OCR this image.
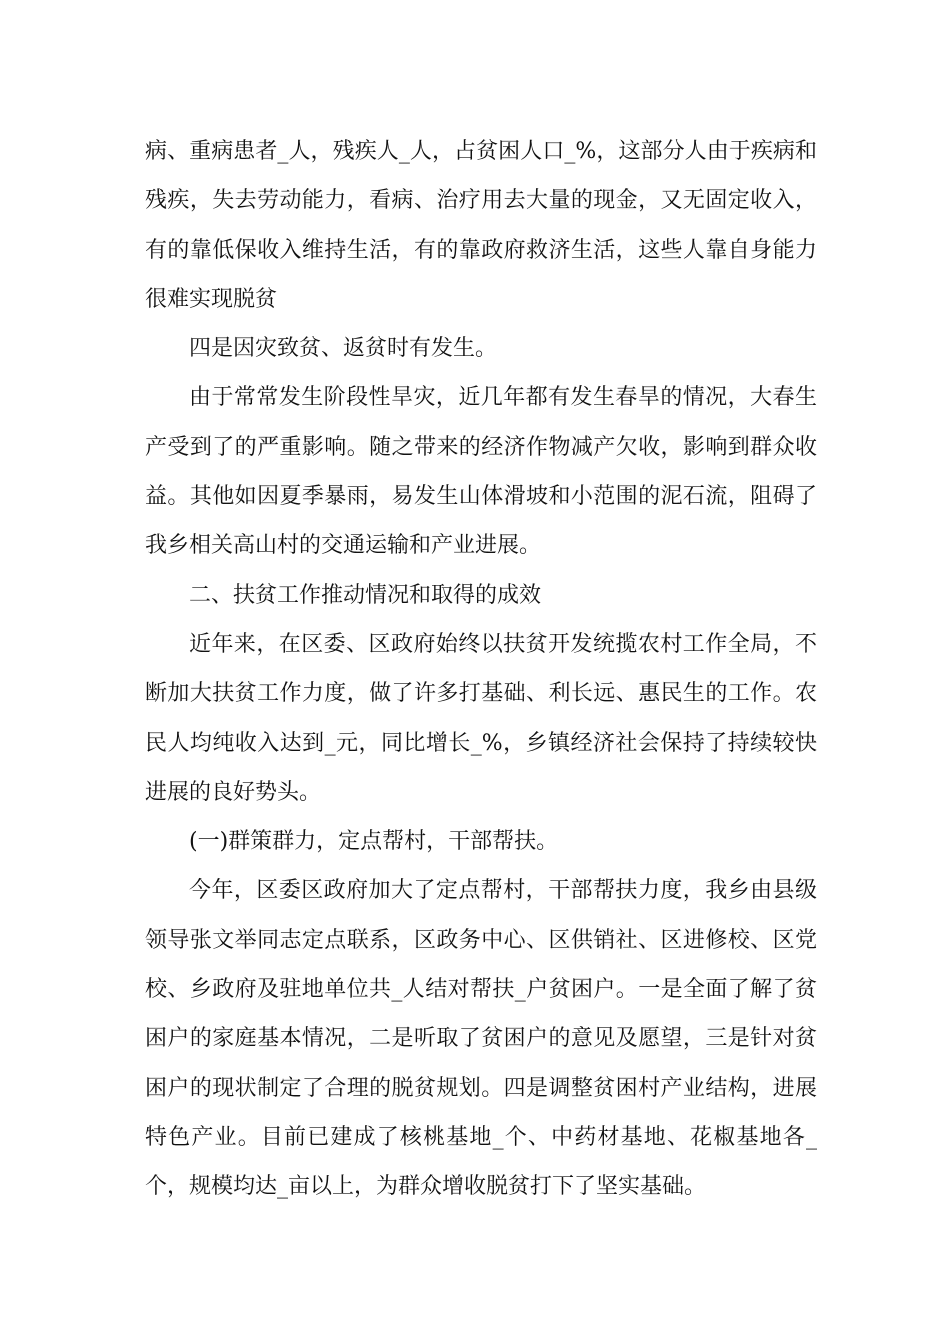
病、重病患者_人，残疾人_人，占贫困人口_%，这部分人由于疾病和残疾，失去劳动能力，看病、治疗用去大量的现金，又无固定收入，有的靠低保收入维持生活，有的靠政府救济生活，这些人靠自身能力很难实现脱贫

四是因灾致贫、返贫时有发生。

由于常常发生阶段性旱灾，近几年都有发生春旱的情况，大春生产受到了的严重影响。随之带来的经济作物减产欠收，影响到群众收益。其他如因夏季暴雨，易发生山体滑坡和小范围的泥石流，阻碍了我乡相关高山村的交通运输和产业进展。

二、扶贫工作推动情况和取得的成效

近年来，在区委、区政府始终以扶贫开发统揽农村工作全局，不断加大扶贫工作力度，做了许多打基础、利长远、惠民生的工作。农民人均纯收入达到_元，同比增长_%，乡镇经济社会保持了持续较快进展的良好势头。

(一)群策群力，定点帮村，干部帮扶。

今年，区委区政府加大了定点帮村，干部帮扶力度，我乡由县级领导张文举同志定点联系，区政务中心、区供销社、区进修校、区党校、乡政府及驻地单位共_人结对帮扶_户贫困户。一是全面了解了贫困户的家庭基本情况，二是听取了贫困户的意见及愿望，三是针对贫困户的现状制定了合理的脱贫规划。四是调整贫困村产业结构，进展特色产业。目前已建成了核桃基地_个、中药材基地、花椒基地各_个，规模均达_亩以上，为群众增收脱贫打下了坚实基础。
